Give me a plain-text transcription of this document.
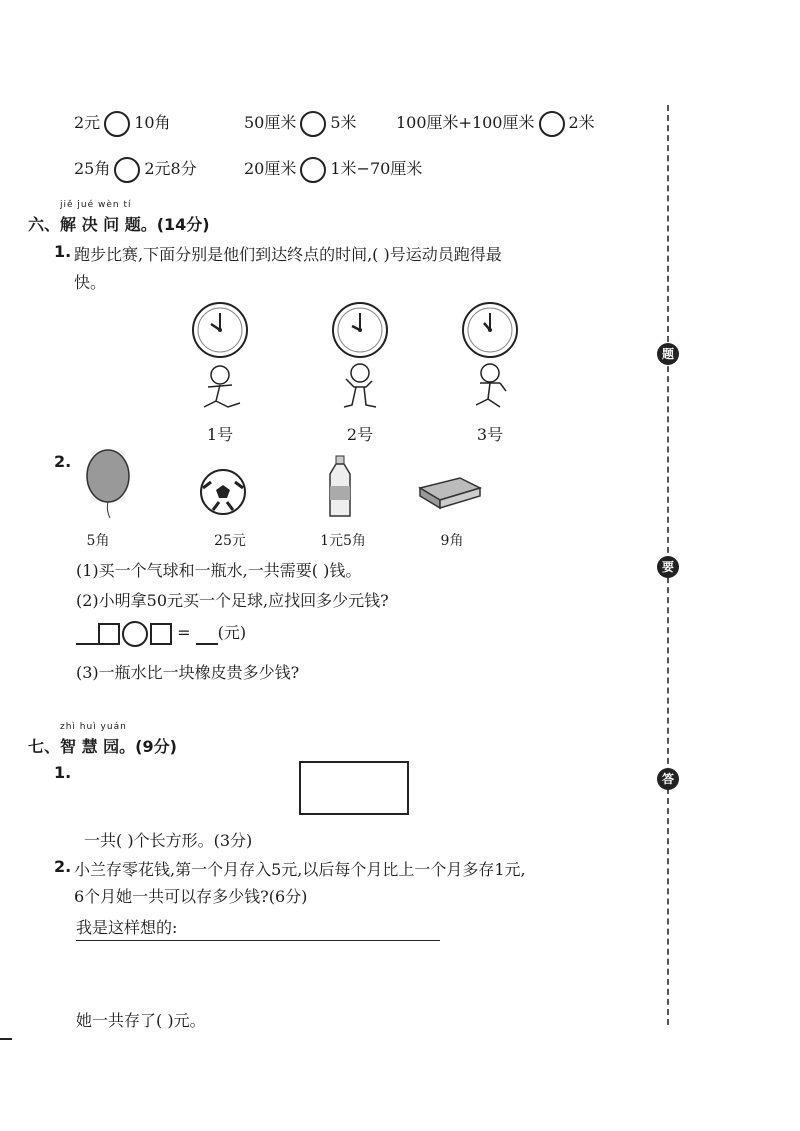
2元 10角	50厘米 5米 100厘米+100厘米 2米
25角 2元8分	20厘米 1米−70厘米
jiě jué wèn tí
六、解 决 问 题。(14分)
1. 跑步比赛,下面分别是他们到达终点的时间,( )号运动员跑得最
快。
1号	2号	3号
2.
5角	25元	1元5角	9角
(1)买一个气球和一瓶水,一共需要( )钱。
(2)小明拿50元买一个足球,应找回多少元钱?
= (元)
(3)一瓶水比一块橡皮贵多少钱?
zhì huì yuán
七、智 慧 园。(9分)
1.
一共( )个长方形。(3分)
2. 小兰存零花钱,第一个月存入5元,以后每个月比上一个月多存1元,
6个月她一共可以存多少钱?(6分)
我是这样想的:
她一共存了( )元。
题
要
答
